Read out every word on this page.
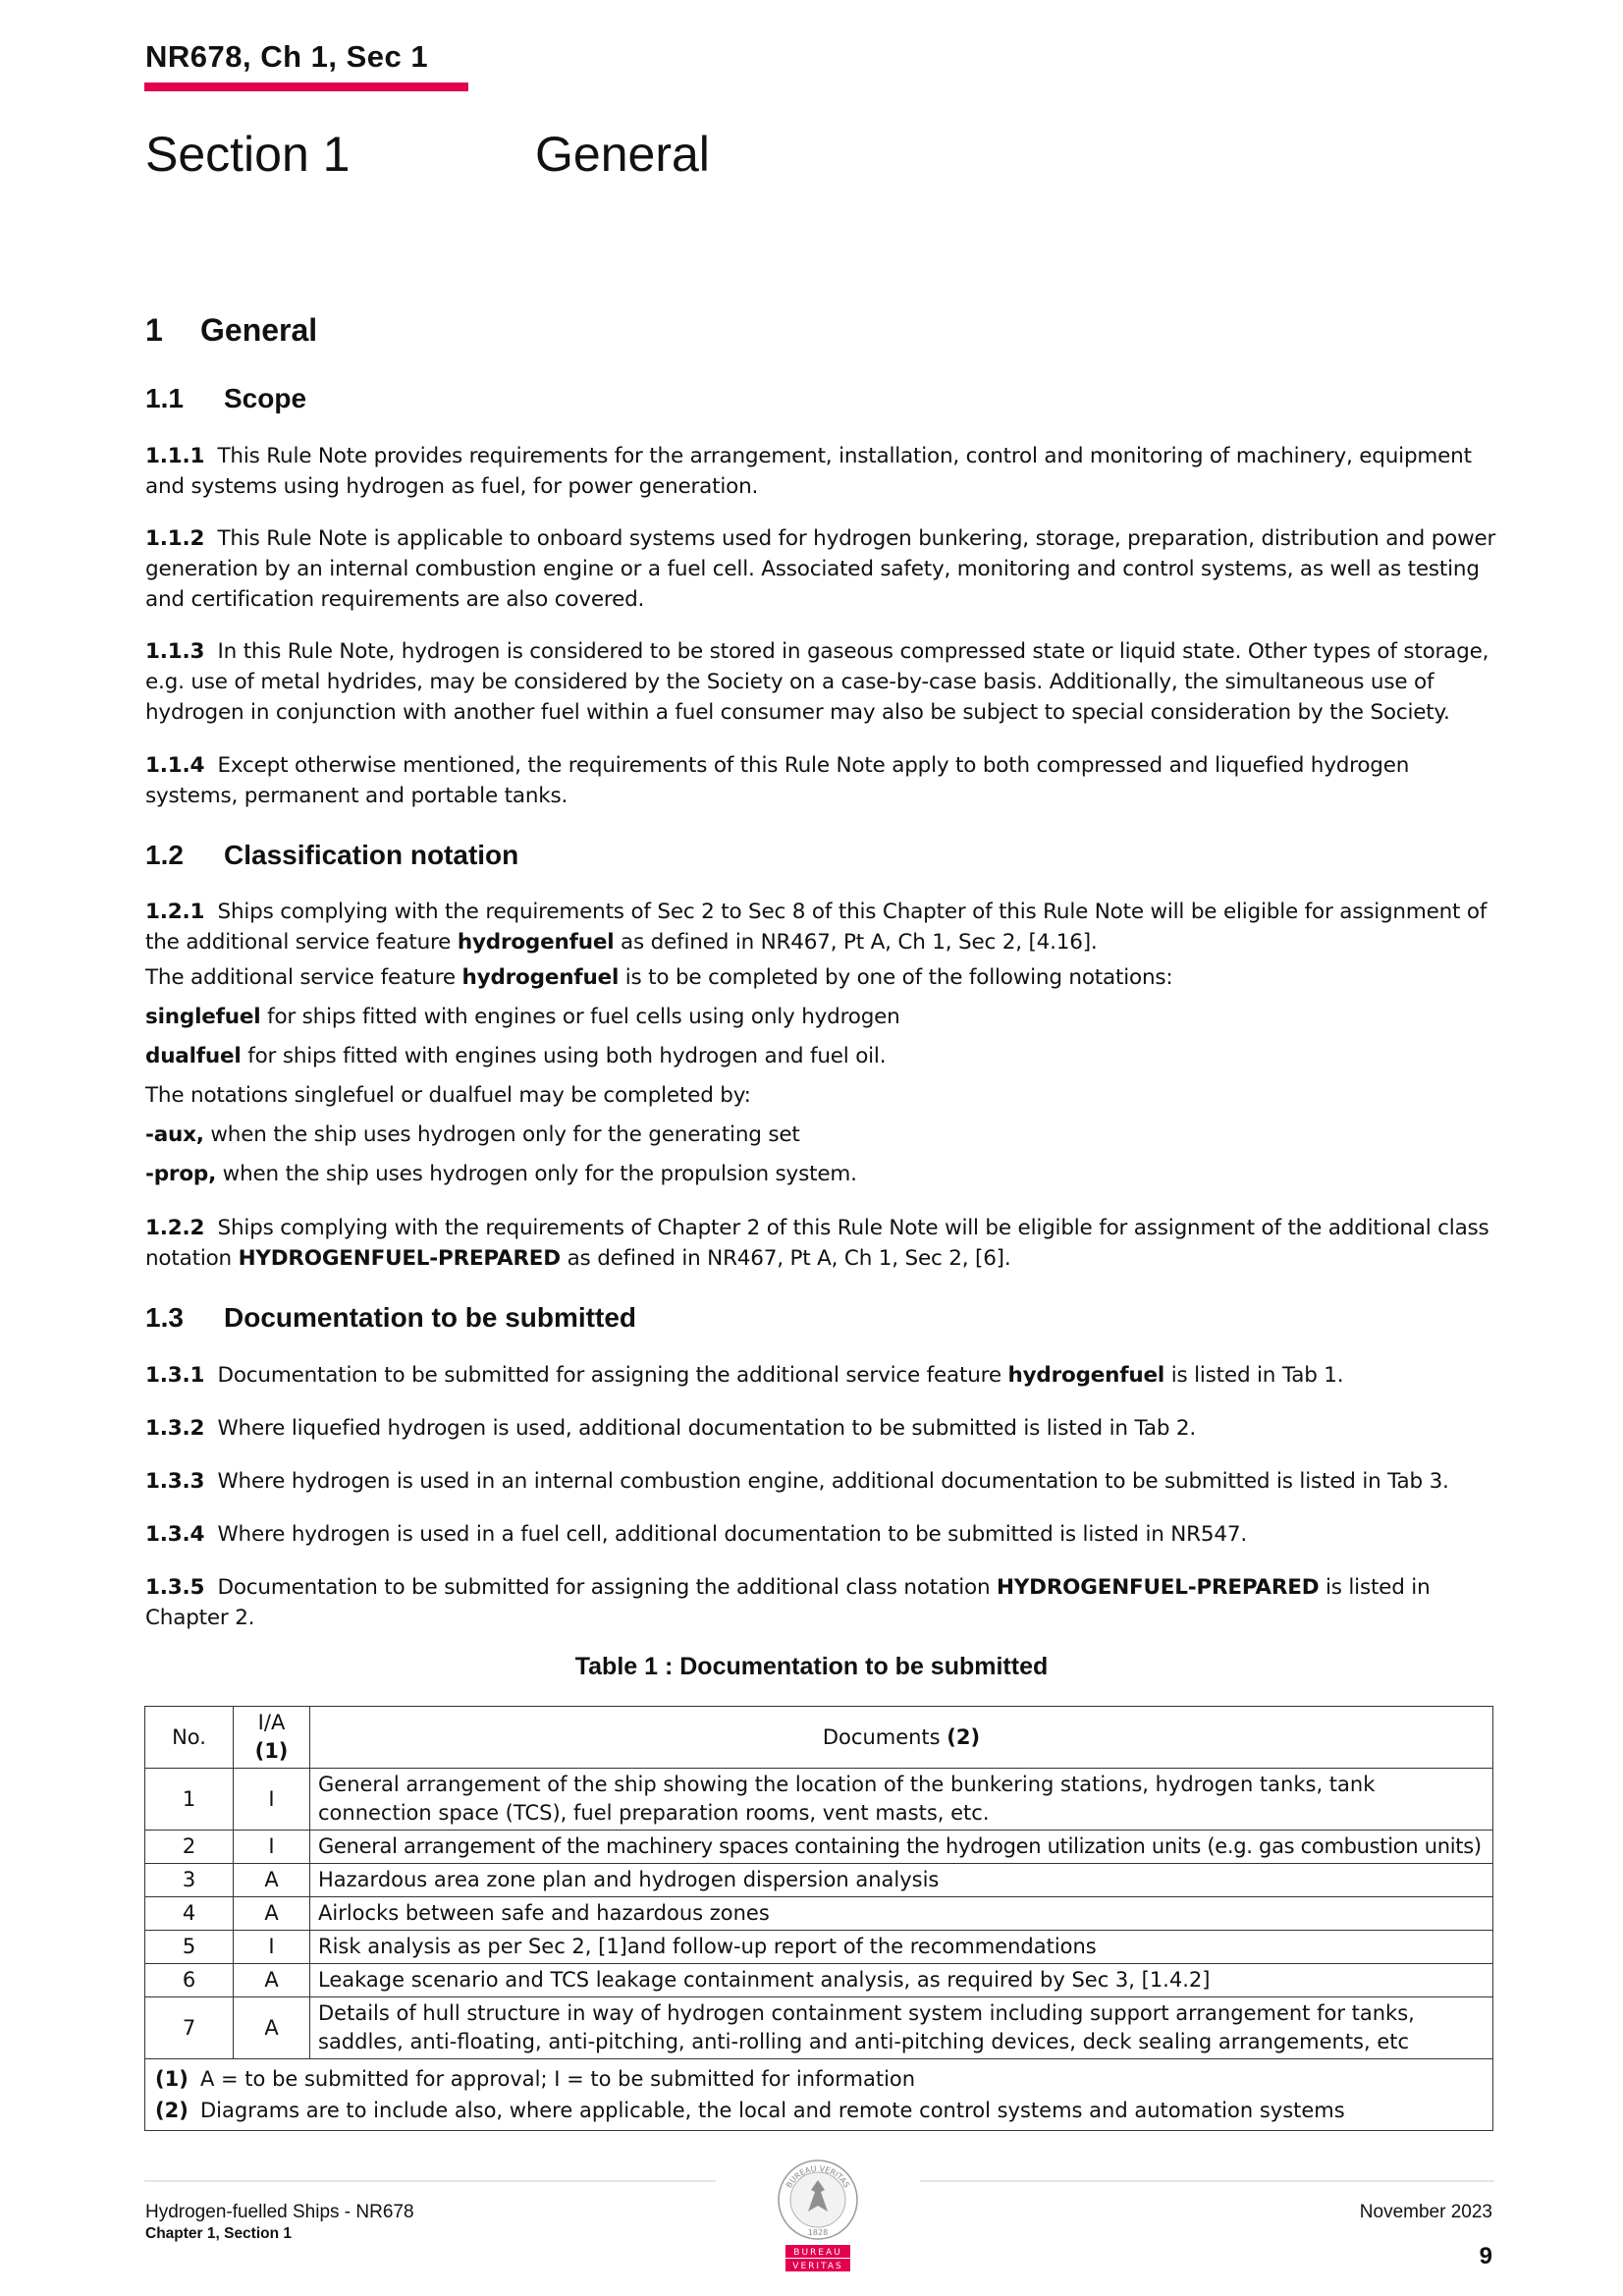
NR678, Ch 1, Sec 1
Section 1	General
1 General
1.1 Scope
1.1.1 This Rule Note provides requirements for the arrangement, installation, control and monitoring of machinery, equipment and systems using hydrogen as fuel, for power generation.
1.1.2 This Rule Note is applicable to onboard systems used for hydrogen bunkering, storage, preparation, distribution and power generation by an internal combustion engine or a fuel cell. Associated safety, monitoring and control systems, as well as testing and certification requirements are also covered.
1.1.3 In this Rule Note, hydrogen is considered to be stored in gaseous compressed state or liquid state. Other types of storage, e.g. use of metal hydrides, may be considered by the Society on a case-by-case basis. Additionally, the simultaneous use of hydrogen in conjunction with another fuel within a fuel consumer may also be subject to special consideration by the Society.
1.1.4 Except otherwise mentioned, the requirements of this Rule Note apply to both compressed and liquefied hydrogen systems, permanent and portable tanks.
1.2 Classification notation
1.2.1 Ships complying with the requirements of Sec 2 to Sec 8 of this Chapter of this Rule Note will be eligible for assignment of the additional service feature hydrogenfuel as defined in NR467, Pt A, Ch 1, Sec 2, [4.16].
The additional service feature hydrogenfuel is to be completed by one of the following notations:
singlefuel for ships fitted with engines or fuel cells using only hydrogen
dualfuel for ships fitted with engines using both hydrogen and fuel oil.
The notations singlefuel or dualfuel may be completed by:
-aux, when the ship uses hydrogen only for the generating set
-prop, when the ship uses hydrogen only for the propulsion system.
1.2.2 Ships complying with the requirements of Chapter 2 of this Rule Note will be eligible for assignment of the additional class notation HYDROGENFUEL-PREPARED as defined in NR467, Pt A, Ch 1, Sec 2, [6].
1.3 Documentation to be submitted
1.3.1 Documentation to be submitted for assigning the additional service feature hydrogenfuel is listed in Tab 1.
1.3.2 Where liquefied hydrogen is used, additional documentation to be submitted is listed in Tab 2.
1.3.3 Where hydrogen is used in an internal combustion engine, additional documentation to be submitted is listed in Tab 3.
1.3.4 Where hydrogen is used in a fuel cell, additional documentation to be submitted is listed in NR547.
1.3.5 Documentation to be submitted for assigning the additional class notation HYDROGENFUEL-PREPARED is listed in Chapter 2.
Table 1 : Documentation to be submitted
No.	I/A (1)	Documents (2)
1	I	General arrangement of the ship showing the location of the bunkering stations, hydrogen tanks, tank connection space (TCS), fuel preparation rooms, vent masts, etc.
2	I	General arrangement of the machinery spaces containing the hydrogen utilization units (e.g. gas combustion units)
3	A	Hazardous area zone plan and hydrogen dispersion analysis
4	A	Airlocks between safe and hazardous zones
5	I	Risk analysis as per Sec 2, [1]and follow-up report of the recommendations
6	A	Leakage scenario and TCS leakage containment analysis, as required by Sec 3, [1.4.2]
7	A	Details of hull structure in way of hydrogen containment system including support arrangement for tanks, saddles, anti-floating, anti-pitching, anti-rolling and anti-pitching devices, deck sealing arrangements, etc

(1) A = to be submitted for approval; I = to be submitted for information
(2) Diagrams are to include also, where applicable, the local and remote control systems and automation systems		
Hydrogen-fuelled Ships - NR678
Chapter 1, Section 1
November 2023
9
BUREAU VERITAS
1828
BUREAU
VERITAS
